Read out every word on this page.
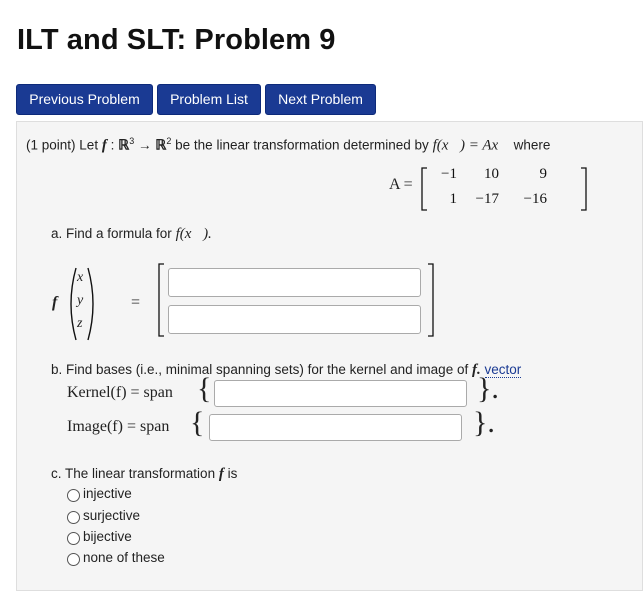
ILT and SLT: Problem 9
Previous Problem	Problem List	Next Problem
(1 point) Let f : ℝ$^3$ → ℝ$^2$ be the linear transformation determined by f(x⃗) = Ax⃗ where
A =
−1	10	9
1	−17	−16
a. Find a formula for f(x⃗).
f
x
y
z
=
b. Find bases (i.e., minimal spanning sets) for the kernel and image of f. vector
Kernel(f) = span {	}.
Image(f) = span {	}.
c. The linear transformation f is
injective
surjective
bijective
none of these
